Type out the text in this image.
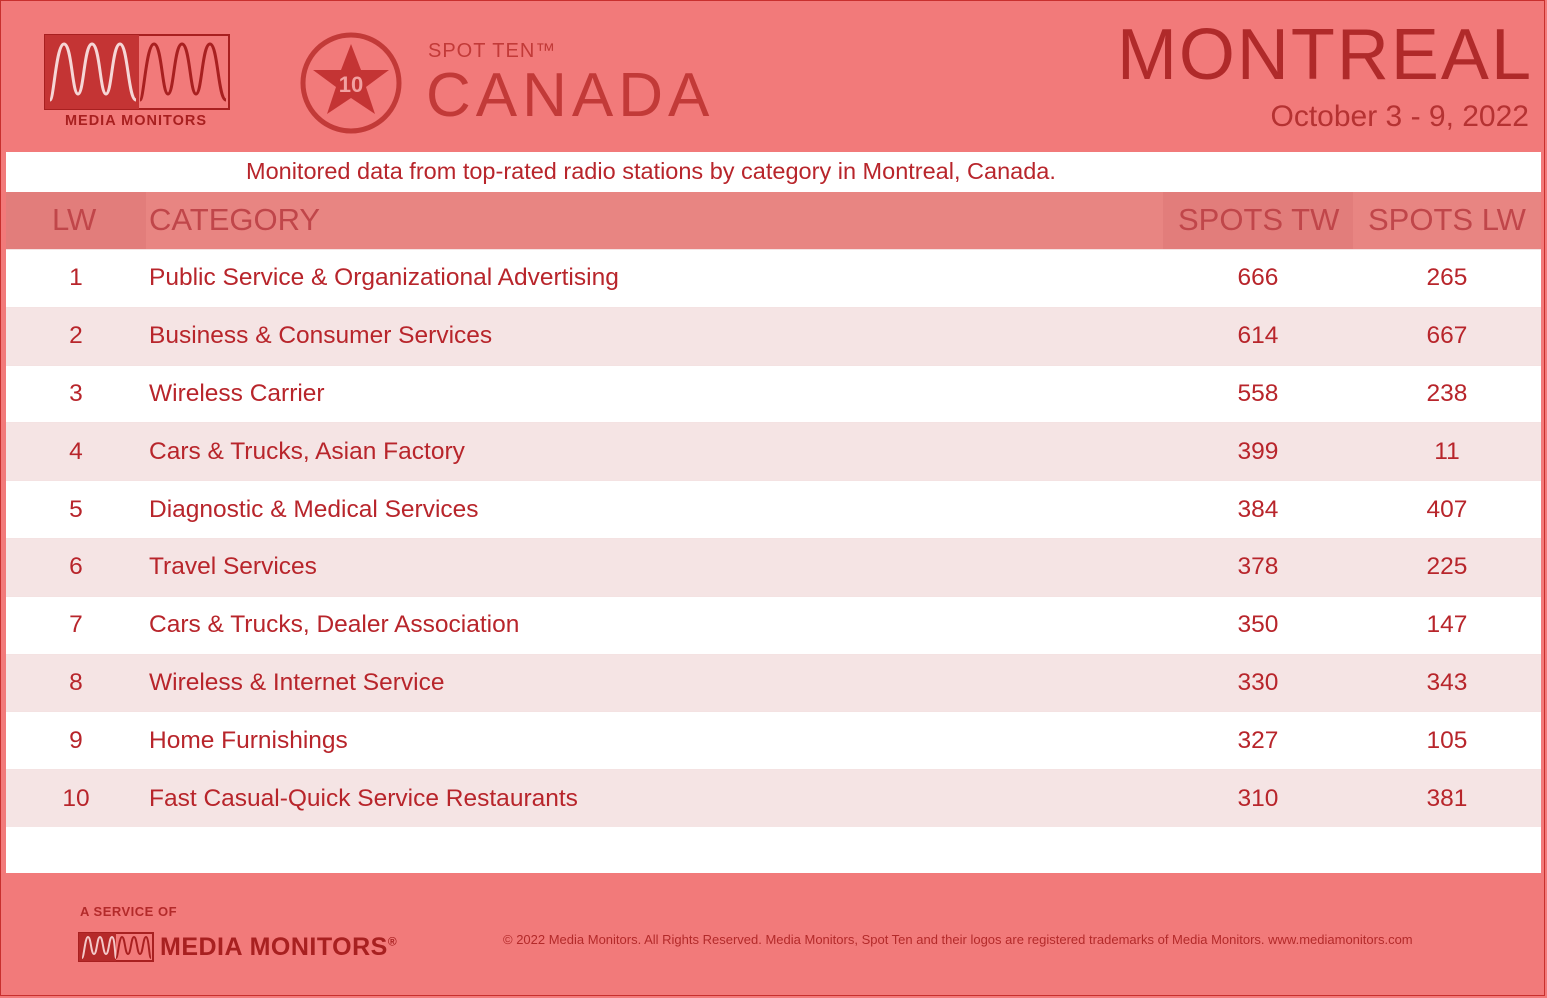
MEDIA MONITORS
10
SPOT TEN™
CANADA
MONTREAL
October 3 - 9, 2022
Monitored data from top-rated radio stations by category in Montreal, Canada.
LW CATEGORY	SPOTS TW SPOTS LW
1	Public Service & Organizational Advertising	666	265
2	Business & Consumer Services	614	667
3	Wireless Carrier	558	238
4	Cars & Trucks, Asian Factory	399	11
5	Diagnostic & Medical Services	384	407
6	Travel Services	378	225
7	Cars & Trucks, Dealer Association	350	147
8	Wireless & Internet Service	330	343
9	Home Furnishings	327	105
10	Fast Casual-Quick Service Restaurants	310	381
A SERVICE OF
MEDIA MONITORS®	© 2022 Media Monitors. All Rights Reserved. Media Monitors, Spot Ten and their logos are registered trademarks of Media Monitors. www.mediamonitors.com
